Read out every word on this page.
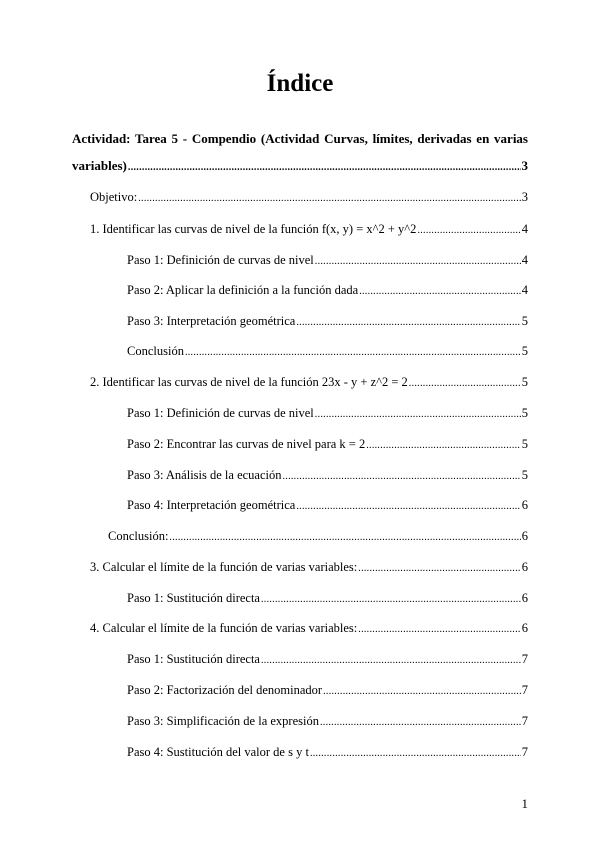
Índice
Actividad: Tarea 5 - Compendio (Actividad Curvas, límites, derivadas en varias
variables) .....	3
Objetivo: .....	3
1. Identificar las curvas de nivel de la función f(x, y) = x^2 + y^2 .....	4
Paso 1: Definición de curvas de nivel .....	4
Paso 2: Aplicar la definición a la función dada .....	4
Paso 3: Interpretación geométrica .....	5
Conclusión .....	5
2. Identificar las curvas de nivel de la función 23x - y + z^2 = 2 .....	5
Paso 1: Definición de curvas de nivel .....	5
Paso 2: Encontrar las curvas de nivel para k = 2 .....	5
Paso 3: Análisis de la ecuación .....	5
Paso 4: Interpretación geométrica .....	6
Conclusión: .....	6
3. Calcular el límite de la función de varias variables: .....	6
Paso 1: Sustitución directa .....	6
4. Calcular el límite de la función de varias variables: .....	6
Paso 1: Sustitución directa .....	7
Paso 2: Factorización del denominador .....	7
Paso 3: Simplificación de la expresión .....	7
Paso 4: Sustitución del valor de s y t .....	7
1
